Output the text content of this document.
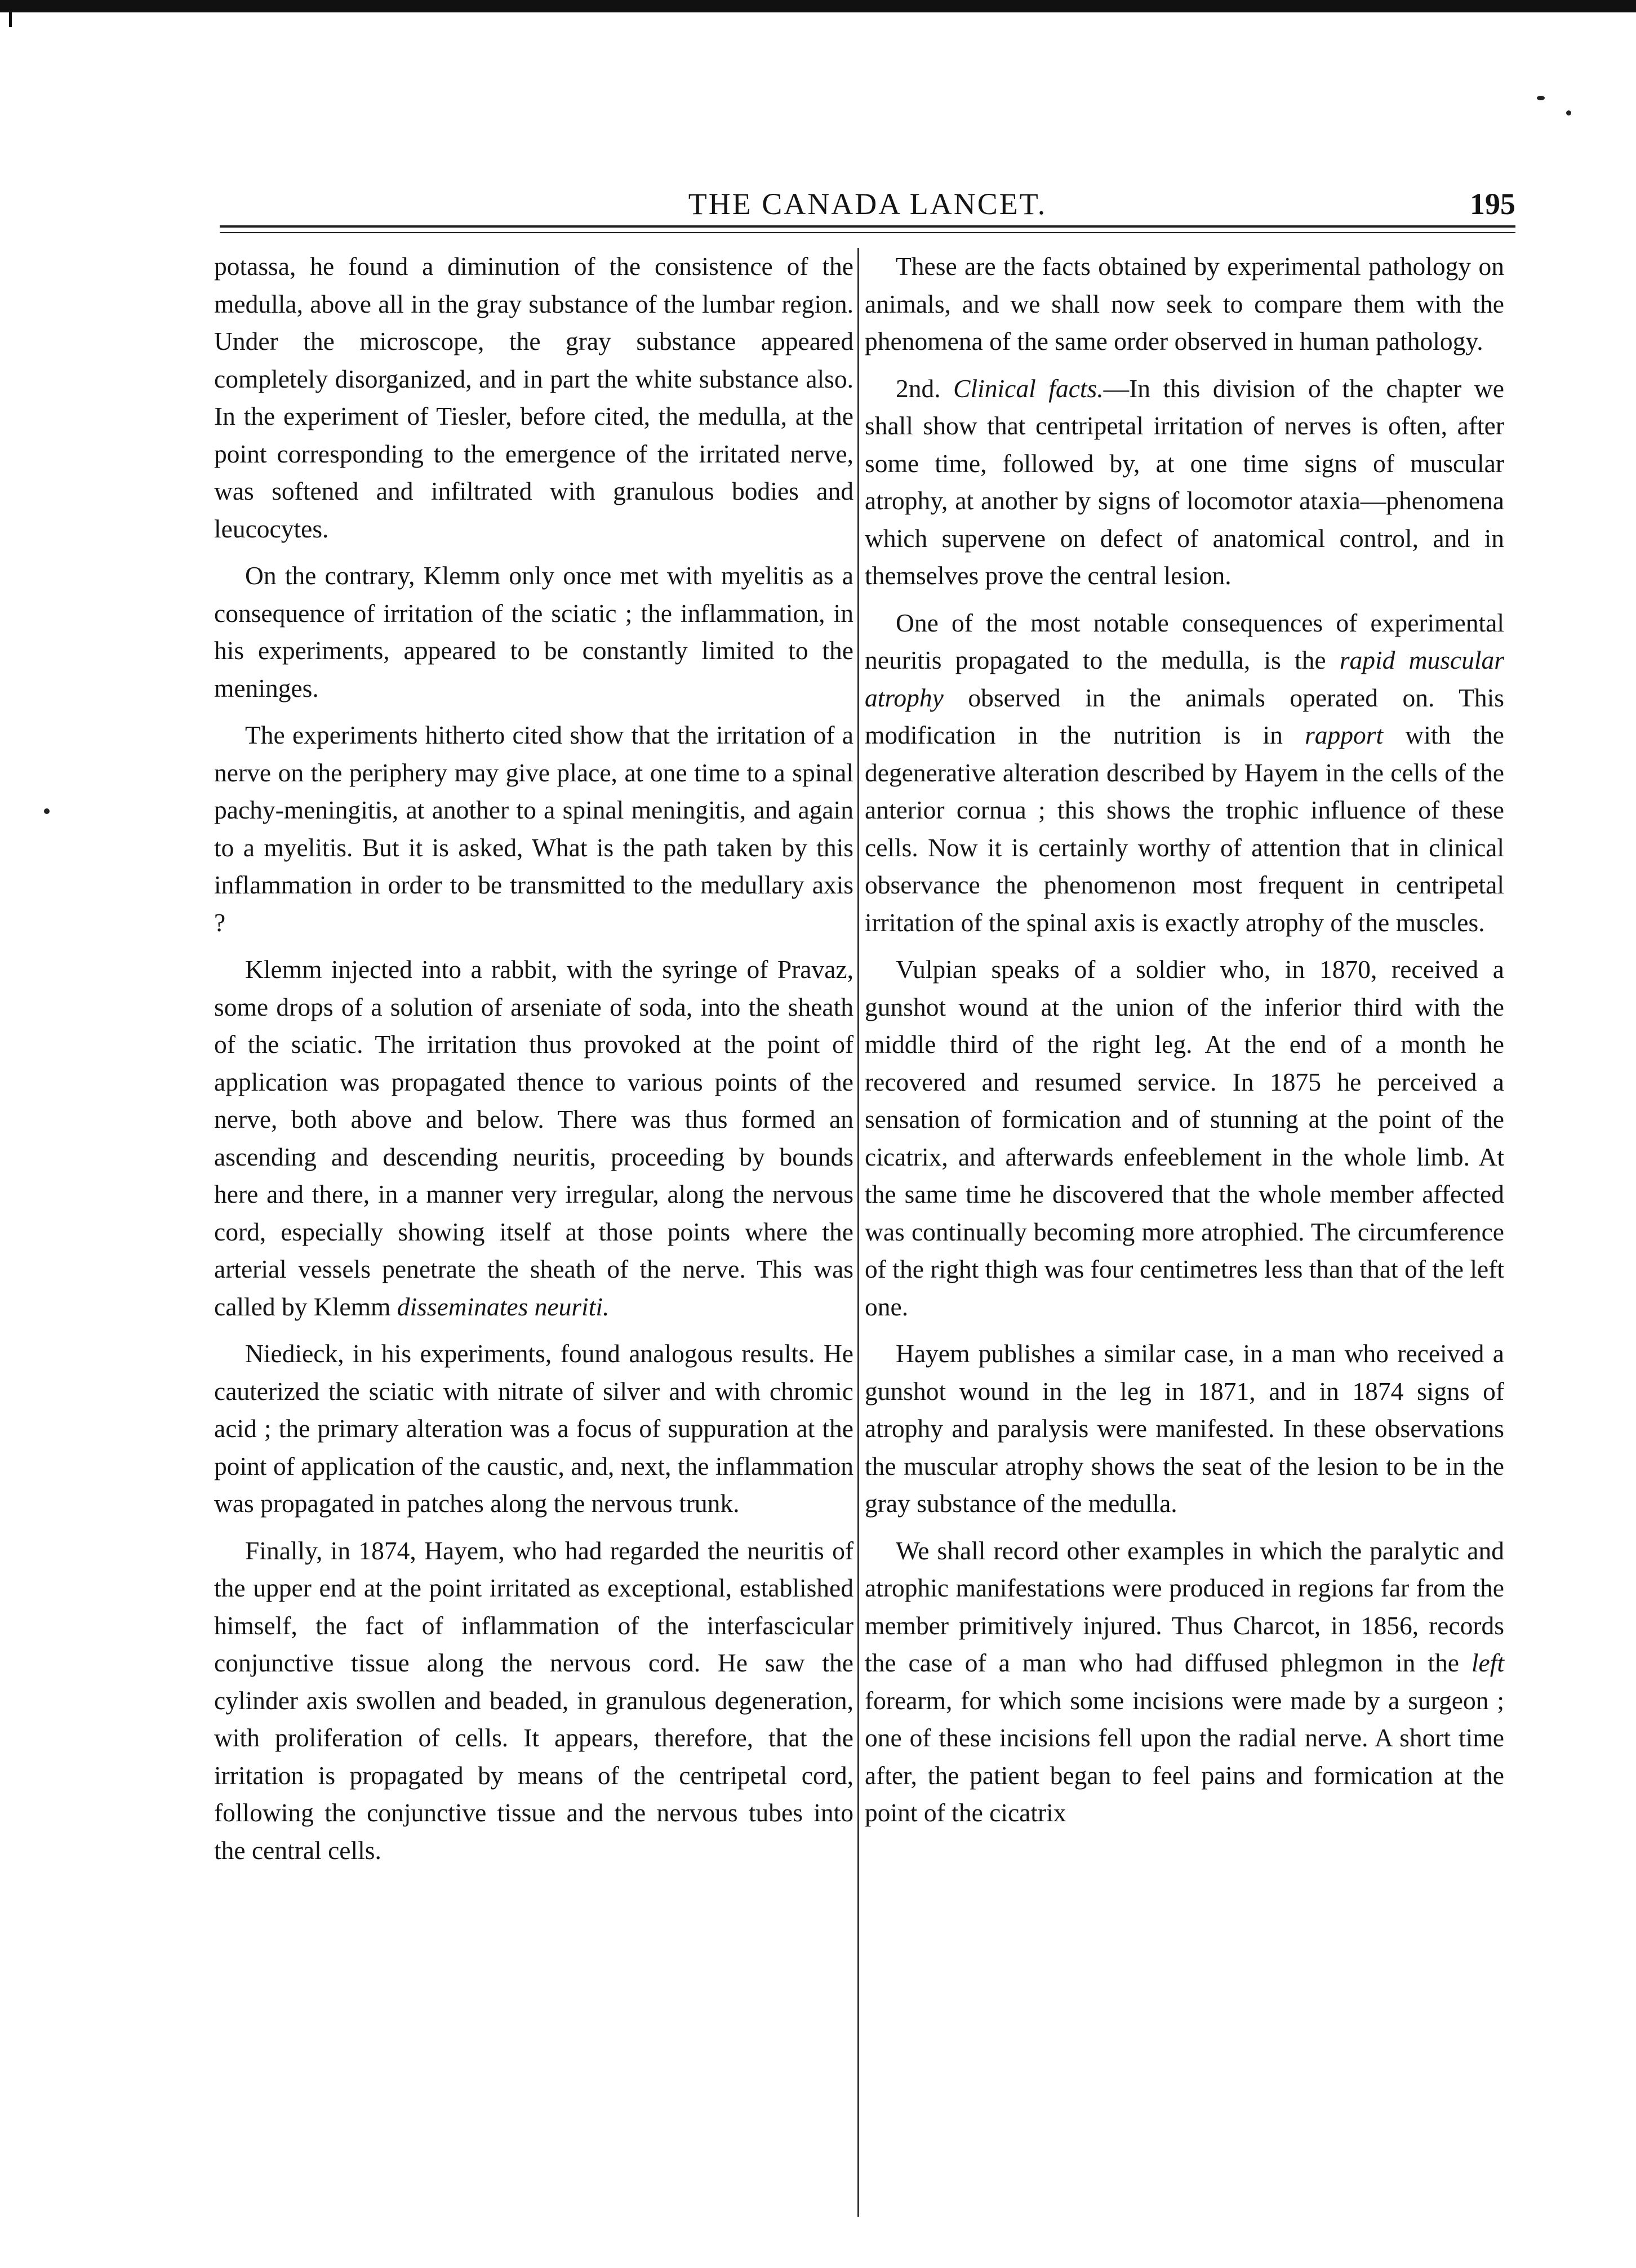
THE CANADA LANCET.	195

potassa, he found a diminution of the consistence of the medulla, above all in the gray substance of the lumbar region. Under the microscope, the gray substance appeared completely disorganized, and in part the white substance also. In the experiment of Tiesler, before cited, the medulla, at the point corresponding to the emergence of the irritated nerve, was softened and infiltrated with granulous bodies and leucocytes.

On the contrary, Klemm only once met with myelitis as a consequence of irritation of the sciatic ; the inflammation, in his experiments, appeared to be constantly limited to the meninges.

The experiments hitherto cited show that the irritation of a nerve on the periphery may give place, at one time to a spinal pachy-meningitis, at another to a spinal meningitis, and again to a myelitis. But it is asked, What is the path taken by this inflammation in order to be transmitted to the medullary axis ?

Klemm injected into a rabbit, with the syringe of Pravaz, some drops of a solution of arseniate of soda, into the sheath of the sciatic. The irritation thus provoked at the point of application was propagated thence to various points of the nerve, both above and below. There was thus formed an ascending and descending neuritis, proceeding by bounds here and there, in a manner very irregular, along the nervous cord, especially showing itself at those points where the arterial vessels penetrate the sheath of the nerve. This was called by Klemm disseminates neuriti.

Niedieck, in his experiments, found analogous results. He cauterized the sciatic with nitrate of silver and with chromic acid ; the primary alteration was a focus of suppuration at the point of application of the caustic, and, next, the inflammation was propagated in patches along the nervous trunk.

Finally, in 1874, Hayem, who had regarded the neuritis of the upper end at the point irritated as exceptional, established himself, the fact of inflammation of the interfascicular conjunctive tissue along the nervous cord. He saw the cylinder axis swollen and beaded, in granulous degeneration, with proliferation of cells. It appears, therefore, that the irritation is propagated by means of the centripetal cord, following the conjunctive tissue and the nervous tubes into the central cells.

These are the facts obtained by experimental pathology on animals, and we shall now seek to compare them with the phenomena of the same order observed in human pathology.

2nd. Clinical facts.—In this division of the chapter we shall show that centripetal irritation of nerves is often, after some time, followed by, at one time signs of muscular atrophy, at another by signs of locomotor ataxia—phenomena which supervene on defect of anatomical control, and in themselves prove the central lesion.

One of the most notable consequences of experimental neuritis propagated to the medulla, is the rapid muscular atrophy observed in the animals operated on. This modification in the nutrition is in rapport with the degenerative alteration described by Hayem in the cells of the anterior cornua ; this shows the trophic influence of these cells. Now it is certainly worthy of attention that in clinical observance the phenomenon most frequent in centripetal irritation of the spinal axis is exactly atrophy of the muscles.

Vulpian speaks of a soldier who, in 1870, received a gunshot wound at the union of the inferior third with the middle third of the right leg. At the end of a month he recovered and resumed service. In 1875 he perceived a sensation of formication and of stunning at the point of the cicatrix, and afterwards enfeeblement in the whole limb. At the same time he discovered that the whole member affected was continually becoming more atrophied. The circumference of the right thigh was four centimetres less than that of the left one.

Hayem publishes a similar case, in a man who received a gunshot wound in the leg in 1871, and in 1874 signs of atrophy and paralysis were manifested. In these observations the muscular atrophy shows the seat of the lesion to be in the gray substance of the medulla.

We shall record other examples in which the paralytic and atrophic manifestations were produced in regions far from the member primitively injured. Thus Charcot, in 1856, records the case of a man who had diffused phlegmon in the left forearm, for which some incisions were made by a surgeon ; one of these incisions fell upon the radial nerve. A short time after, the patient began to feel pains and formication at the point of the cicatrix
